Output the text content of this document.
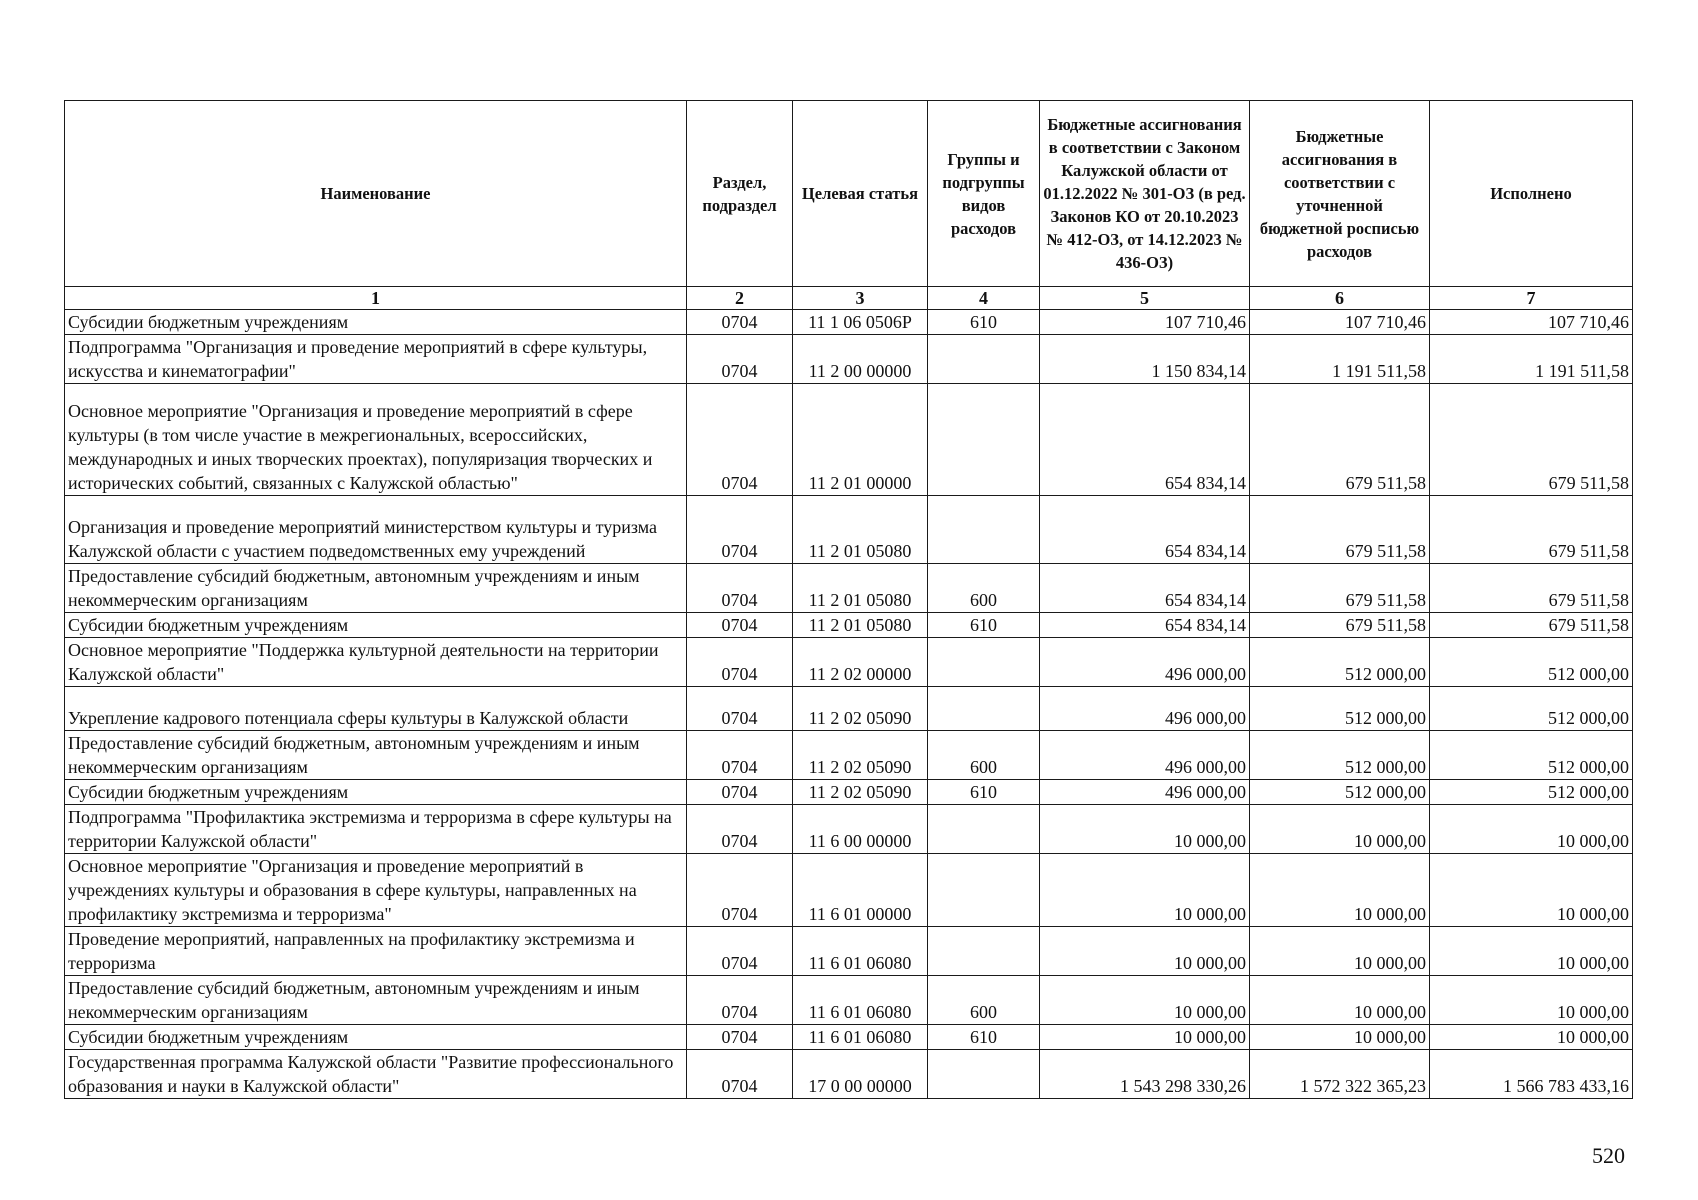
Наименование	Раздел, подраздел	Целевая статья	Группы и подгруппы видов расходов	Бюджетные ассигнования в соответствии с Законом Калужской области от 01.12.2022 № 301-ОЗ (в ред. Законов КО от 20.10.2023 № 412-ОЗ, от 14.12.2023 № 436-ОЗ)	Бюджетные ассигнования в соответствии с уточненной бюджетной росписью расходов	Исполнено
1	2	3	4	5	6	7
Субсидии бюджетным учреждениям	0704	11 1 06 0506Р	610	107 710,46	107 710,46	107 710,46
Подпрограмма "Организация и проведение мероприятий в сфере культуры, искусства и кинематографии"	0704	11 2 00 00000		1 150 834,14	1 191 511,58	1 191 511,58
Основное мероприятие "Организация и проведение мероприятий в сфере культуры (в том числе участие в межрегиональных, всероссийских, международных и иных творческих проектах), популяризация творческих и исторических событий, связанных с Калужской областью"	0704	11 2 01 00000		654 834,14	679 511,58	679 511,58
Организация и проведение мероприятий министерством культуры и туризма Калужской области с участием подведомственных ему учреждений	0704	11 2 01 05080		654 834,14	679 511,58	679 511,58
Предоставление субсидий бюджетным, автономным учреждениям и иным некоммерческим организациям	0704	11 2 01 05080	600	654 834,14	679 511,58	679 511,58
Субсидии бюджетным учреждениям	0704	11 2 01 05080	610	654 834,14	679 511,58	679 511,58
Основное мероприятие "Поддержка культурной деятельности на территории Калужской области"	0704	11 2 02 00000		496 000,00	512 000,00	512 000,00
Укрепление кадрового потенциала сферы культуры в Калужской области	0704	11 2 02 05090		496 000,00	512 000,00	512 000,00
Предоставление субсидий бюджетным, автономным учреждениям и иным некоммерческим организациям	0704	11 2 02 05090	600	496 000,00	512 000,00	512 000,00
Субсидии бюджетным учреждениям	0704	11 2 02 05090	610	496 000,00	512 000,00	512 000,00
Подпрограмма "Профилактика экстремизма и терроризма в сфере культуры на территории Калужской области"	0704	11 6 00 00000		10 000,00	10 000,00	10 000,00
Основное мероприятие "Организация и проведение мероприятий в учреждениях культуры и образования в сфере культуры, направленных на профилактику экстремизма и терроризма"	0704	11 6 01 00000		10 000,00	10 000,00	10 000,00
Проведение мероприятий, направленных на профилактику экстремизма и терроризма	0704	11 6 01 06080		10 000,00	10 000,00	10 000,00
Предоставление субсидий бюджетным, автономным учреждениям и иным некоммерческим организациям	0704	11 6 01 06080	600	10 000,00	10 000,00	10 000,00
Субсидии бюджетным учреждениям	0704	11 6 01 06080	610	10 000,00	10 000,00	10 000,00
Государственная программа Калужской области "Развитие профессионального образования и науки в Калужской области"	0704	17 0 00 00000		1 543 298 330,26	1 572 322 365,23	1 566 783 433,16
520
